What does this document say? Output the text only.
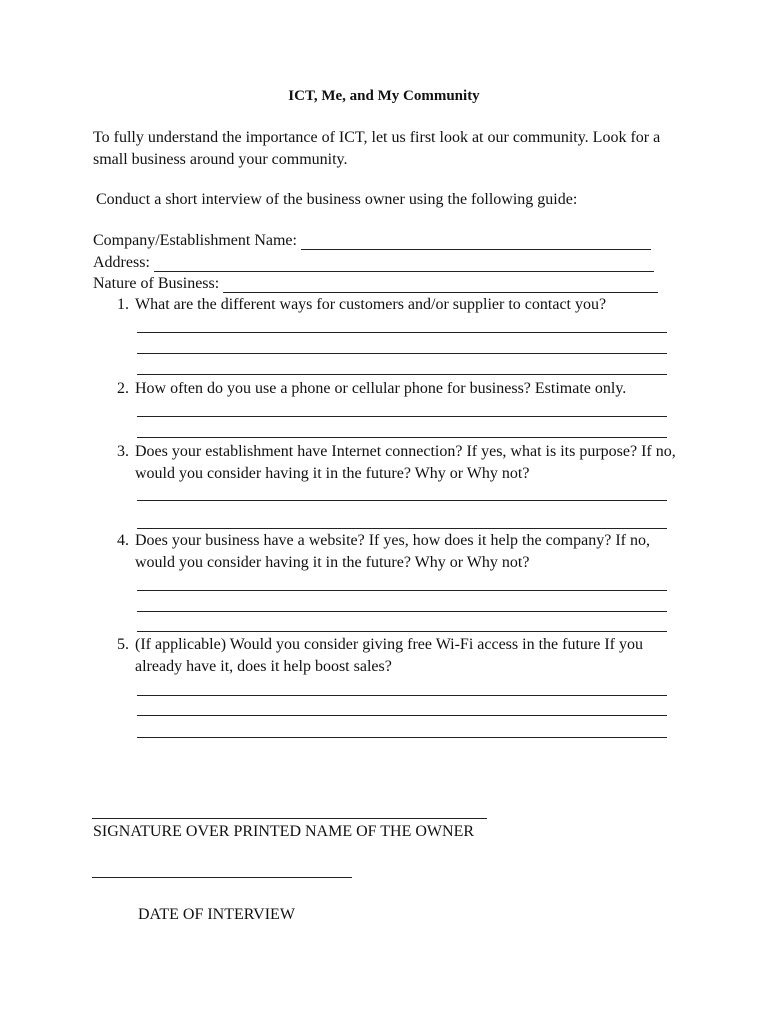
ICT, Me, and My Community
To fully understand the importance of ICT, let us first look at our community. Look for a small business around your community.
Conduct a short interview of the business owner using the following guide:
Company/Establishment Name:
Address:
Nature of Business:
1. What are the different ways for customers and/or supplier to contact you?
2. How often do you use a phone or cellular phone for business? Estimate only.
3. Does your establishment have Internet connection? If yes, what is its purpose? If no, would you consider having it in the future? Why or Why not?
4. Does your business have a website? If yes, how does it help the company? If no, would you consider having it in the future? Why or Why not?
5. (If applicable) Would you consider giving free Wi-Fi access in the future If you already have it, does it help boost sales?
SIGNATURE OVER PRINTED NAME OF THE OWNER
DATE OF INTERVIEW
